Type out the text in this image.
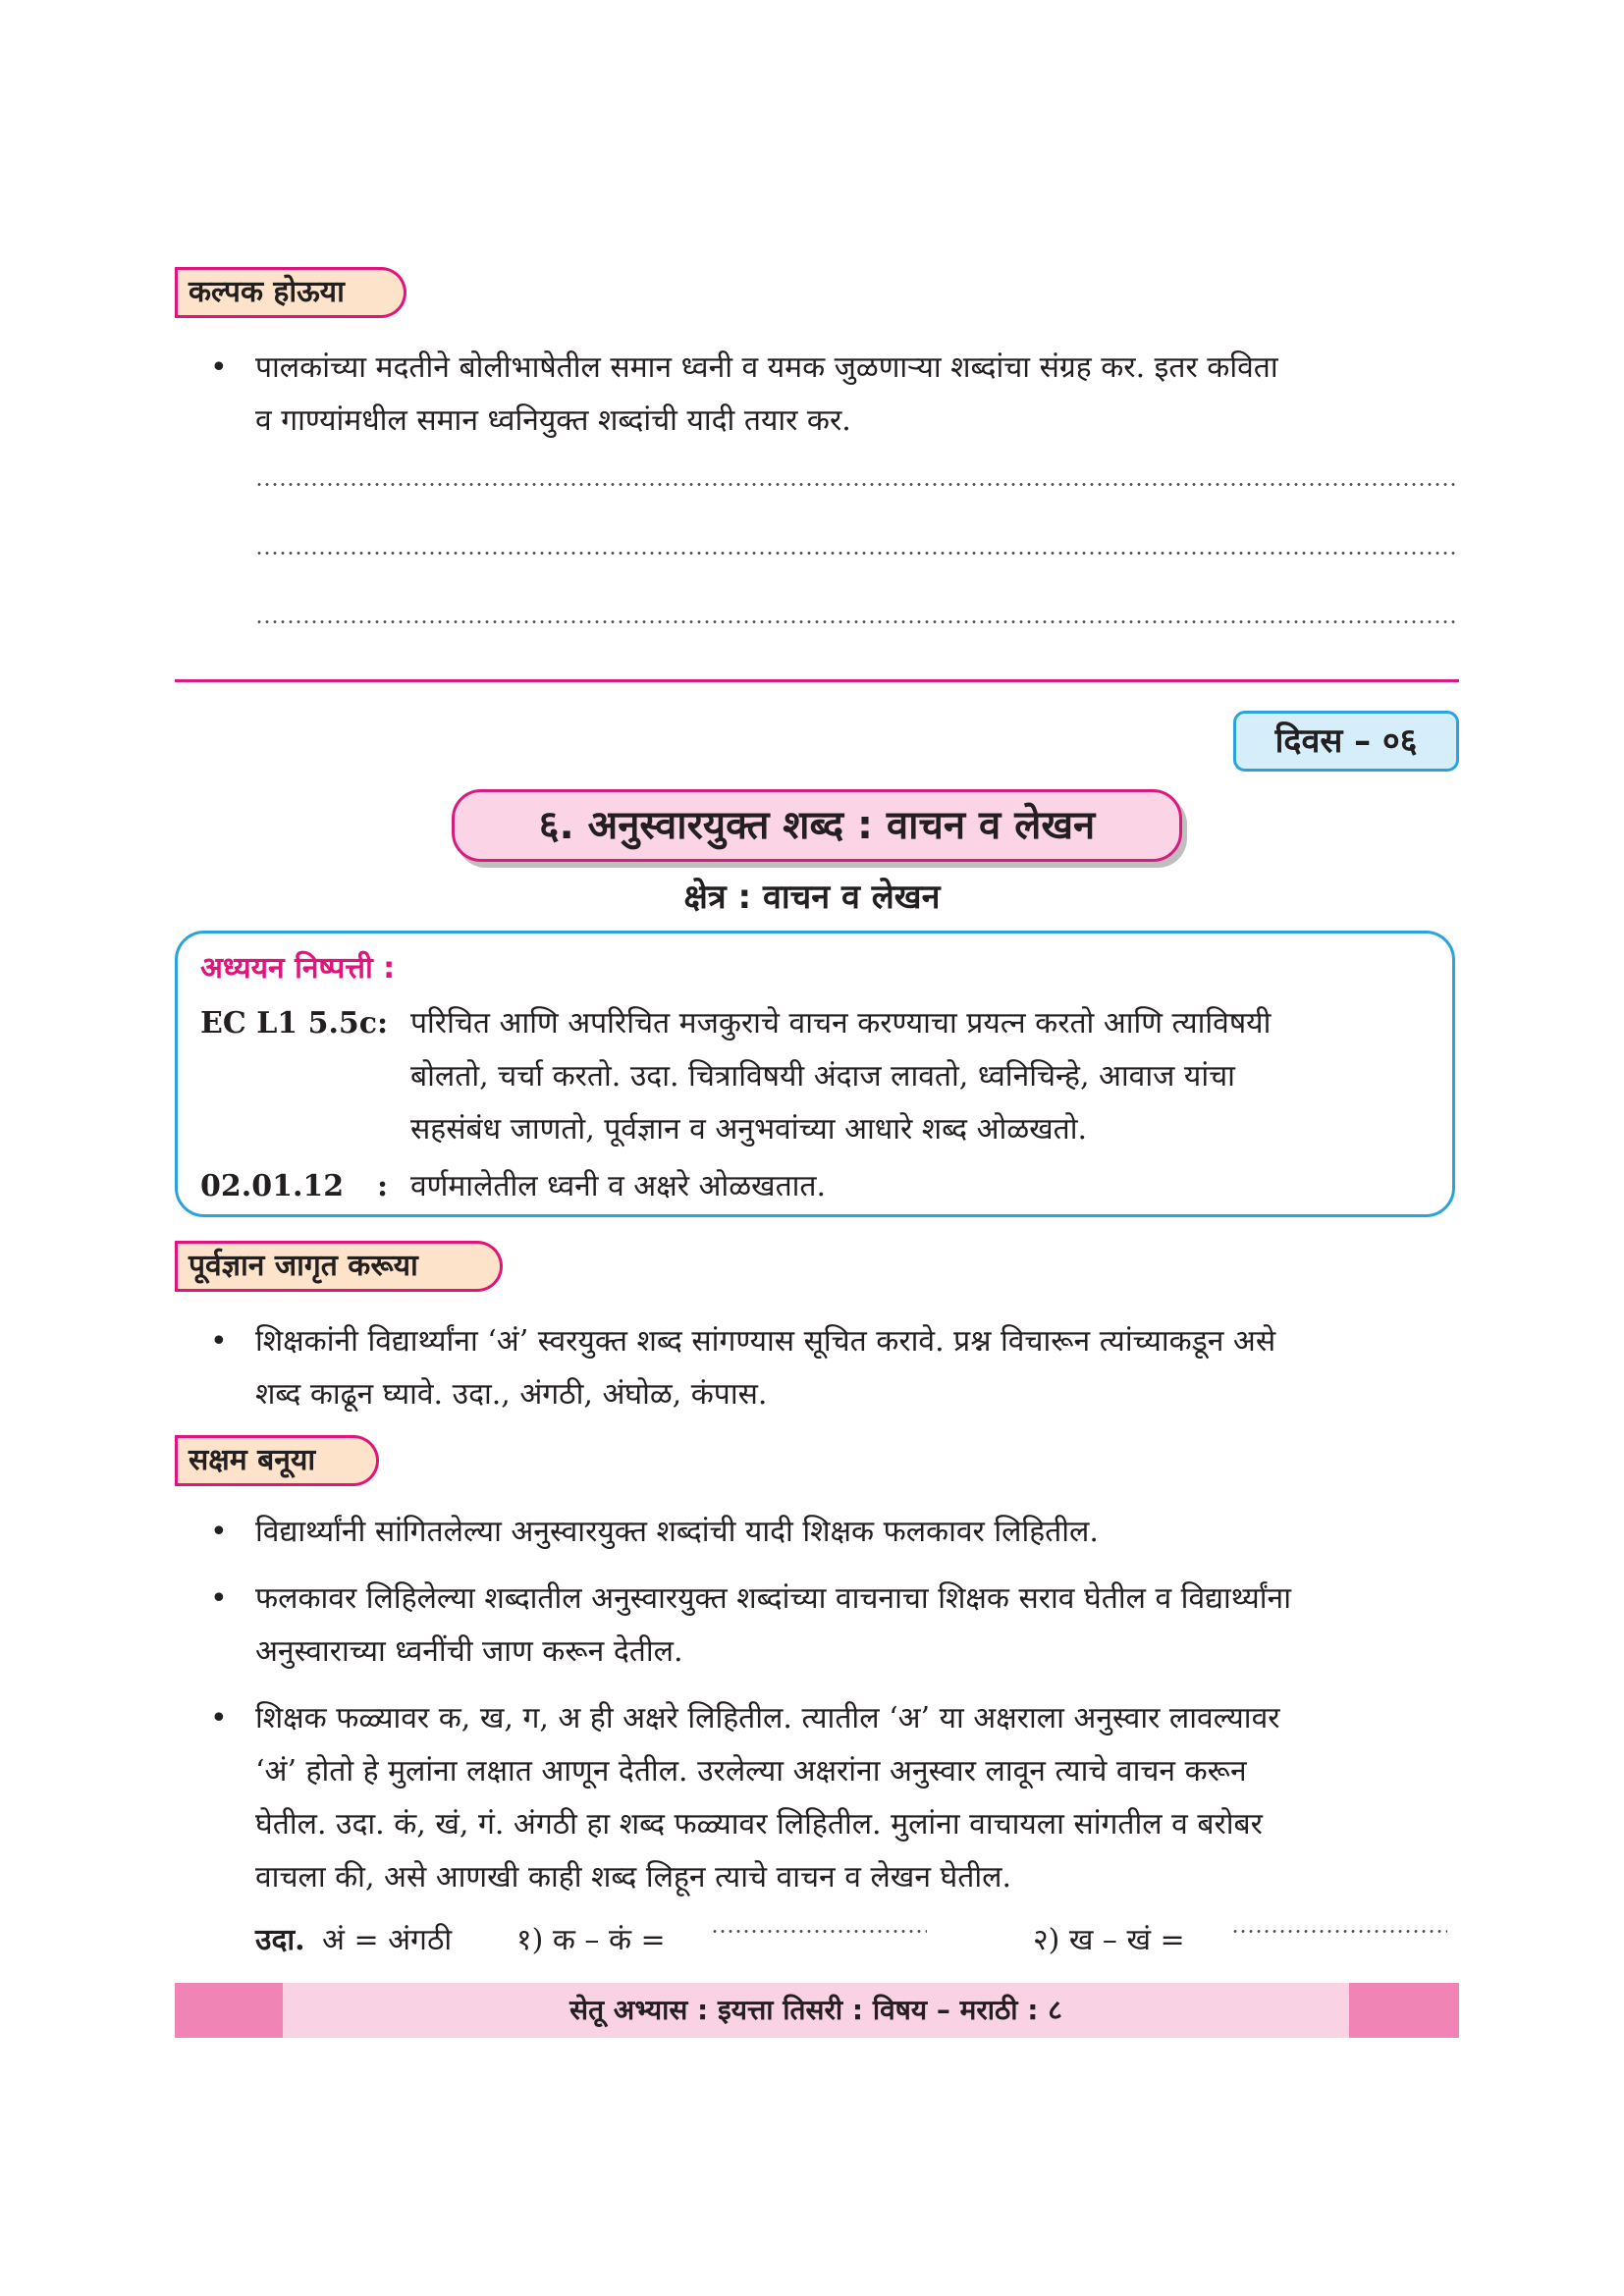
कल्पक होऊया
• पालकांच्या मदतीने बोलीभाषेतील समान ध्वनी व यमक जुळणाऱ्या शब्दांचा संग्रह कर. इतर कविता
व गाण्यांमधील समान ध्वनियुक्त शब्दांची यादी तयार कर.
दिवस – ०६
६. अनुस्वारयुक्त शब्द : वाचन व लेखन
क्षेत्र : वाचन व लेखन
अध्ययन निष्पत्ती :
EC L1 5.5c : परिचित आणि अपरिचित मजकुराचे वाचन करण्याचा प्रयत्न करतो आणि त्याविषयी
बोलतो, चर्चा करतो. उदा. चित्राविषयी अंदाज लावतो, ध्वनिचिन्हे, आवाज यांचा
सहसंबंध जाणतो, पूर्वज्ञान व अनुभवांच्या आधारे शब्द ओळखतो.
02.01.12 : वर्णमालेतील ध्वनी व अक्षरे ओळखतात.
पूर्वज्ञान जागृत करूया
• शिक्षकांनी विद्यार्थ्यांना ‘अं’ स्वरयुक्त शब्द सांगण्यास सूचित करावे. प्रश्न विचारून त्यांच्याकडून असे
शब्द काढून घ्यावे. उदा., अंगठी, अंघोळ, कंपास.
सक्षम बनूया
• विद्यार्थ्यांनी सांगितलेल्या अनुस्वारयुक्त शब्दांची यादी शिक्षक फलकावर लिहितील.
• फलकावर लिहिलेल्या शब्दातील अनुस्वारयुक्त शब्दांच्या वाचनाचा शिक्षक सराव घेतील व विद्यार्थ्यांना
अनुस्वाराच्या ध्वनींची जाण करून देतील.
• शिक्षक फळ्यावर क, ख, ग, अ ही अक्षरे लिहितील. त्यातील ‘अ’ या अक्षराला अनुस्वार लावल्यावर
‘अं’ होतो हे मुलांना लक्षात आणून देतील. उरलेल्या अक्षरांना अनुस्वार लावून त्याचे वाचन करून
घेतील. उदा. कं, खं, गं. अंगठी हा शब्द फळ्यावर लिहितील. मुलांना वाचायला सांगतील व बरोबर
वाचला की, असे आणखी काही शब्द लिहून त्याचे वाचन व लेखन घेतील.
उदा. अं = अंगठी १) क – कं =	२) ख – खं =
सेतू अभ्यास : इयत्ता तिसरी : विषय – मराठी : ८
